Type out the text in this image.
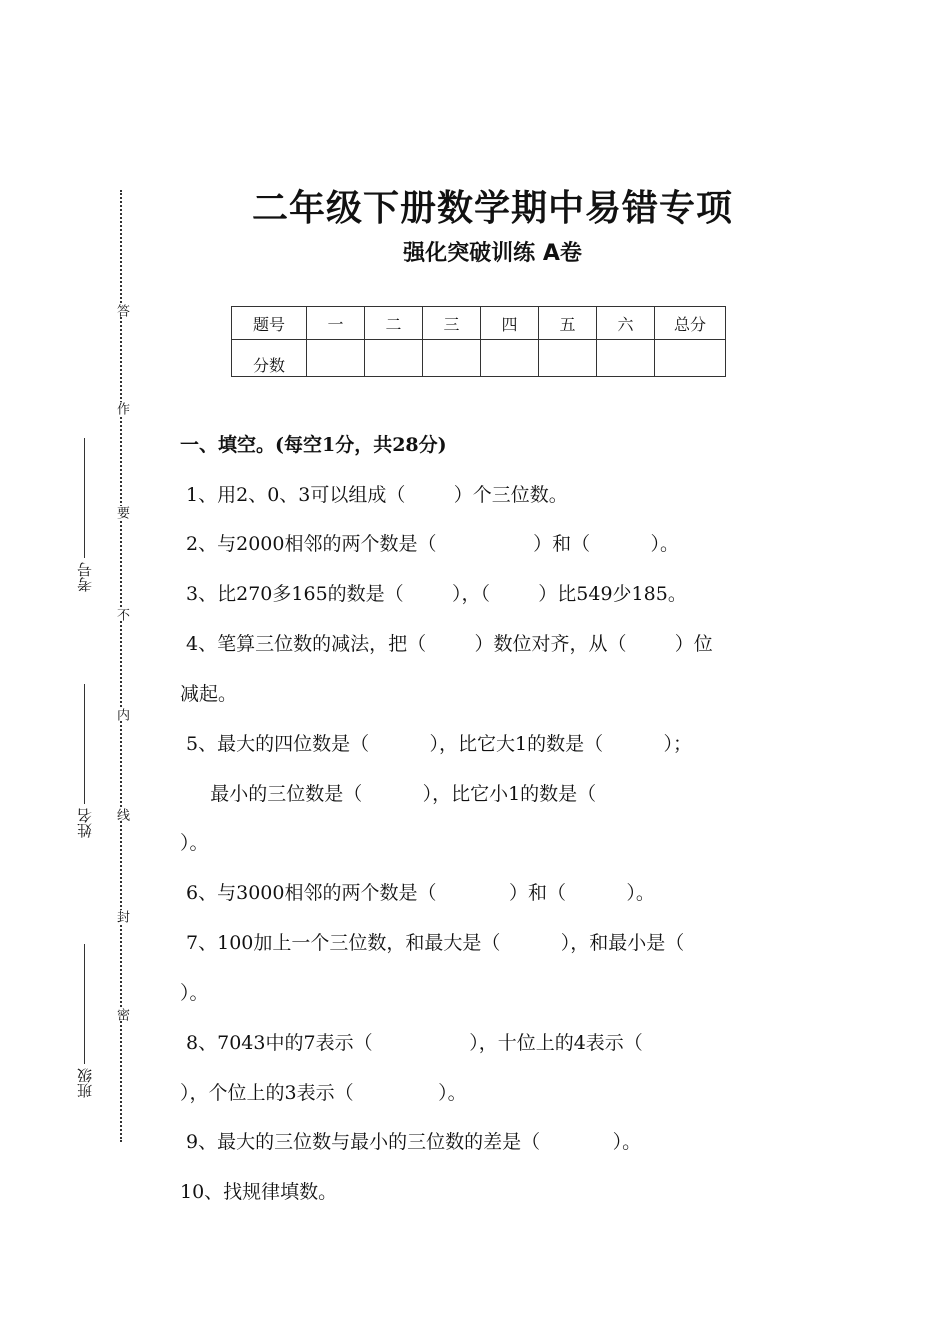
二年级下册数学期中易错专项
强化突破训练 A卷
题号	一	二	三	四	五	六	总分
分数							
答
作
要
不
内
线
封
密
考号
姓名
班级
一、填空。(每空1分，共28分)
1、用2、0、3可以组成（        ）个三位数。
2、与2000相邻的两个数是（                ）和（          ）。
3、比270多165的数是（        ），（        ）比549少185。
4、笔算三位数的减法，把（        ）数位对齐，从（        ）位
减起。
5、最大的四位数是（          ），比它大1的数是（          ）；
最小的三位数是（          ），比它小1的数是（
）。
6、与3000相邻的两个数是（            ）和（          ）。
7、100加上一个三位数，和最大是（          ），和最小是（
）。
8、7043中的7表示（                ），十位上的4表示（
），个位上的3表示（              ）。
9、最大的三位数与最小的三位数的差是（            ）。
10、找规律填数。
